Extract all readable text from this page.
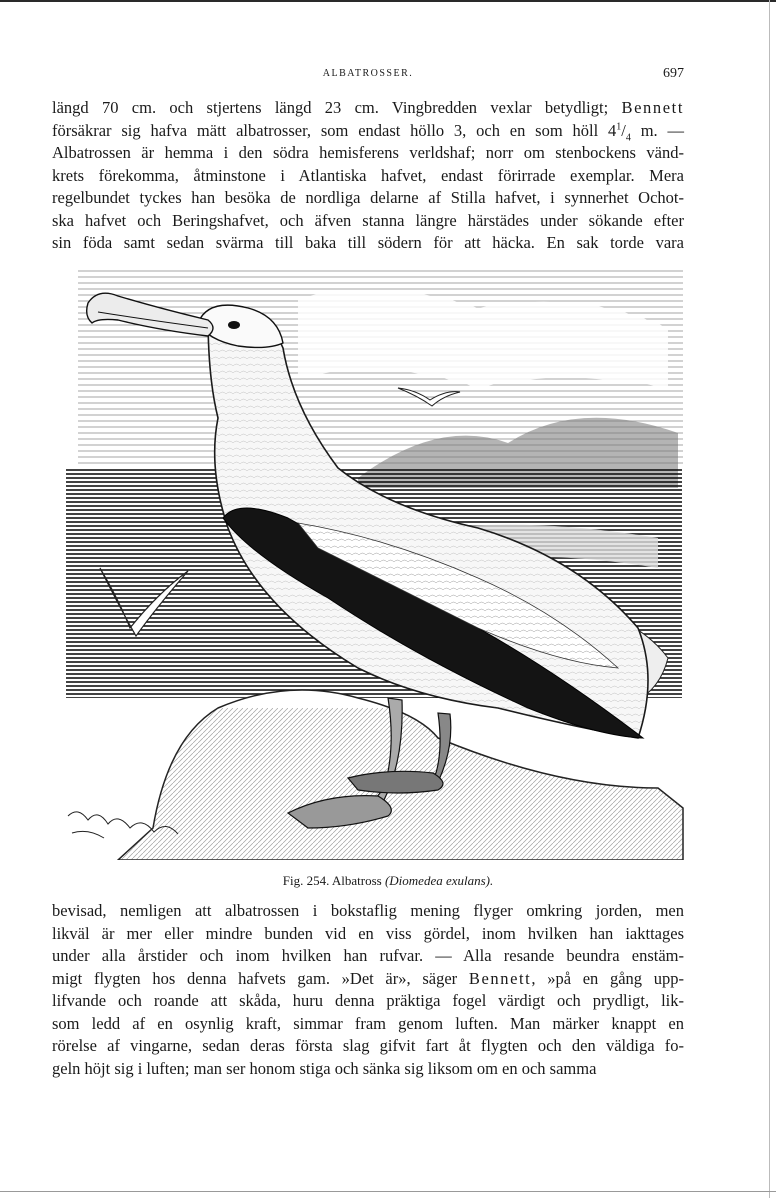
ALBATROSSER.	697

längd 70 cm. och stjertens längd 23 cm. Vingbredden vexlar betydligt; Bennett
försäkrar sig hafva mätt albatrosser, som endast höllo 3, och en som höll $4^1/_4$ m. —
Albatrossen är hemma i den södra hemisferens verldshaf; norr om stenbockens vänd-
krets förekomma, åtminstone i Atlantiska hafvet, endast förirrade exemplar. Mera
regelbundet tyckes han besöka de nordliga delarne af Stilla hafvet, i synnerhet Ochot-
ska hafvet och Beringshafvet, och äfven stanna längre härstädes under sökande efter
sin föda samt sedan svärma till baka till södern för att häcka. En sak torde vara

Fig. 254. Albatross (Diomedea exulans).

bevisad, nemligen att albatrossen i bokstaflig mening flyger omkring jorden, men
likväl är mer eller mindre bunden vid en viss gördel, inom hvilken han iakttages
under alla årstider och inom hvilken han rufvar. — Alla resande beundra enstäm-
migt flygten hos denna hafvets gam. »Det är», säger Bennett, »på en gång upp-
lifvande och roande att skåda, huru denna präktiga fogel värdigt och prydligt, lik-
som ledd af en osynlig kraft, simmar fram genom luften. Man märker knappt en
rörelse af vingarne, sedan deras första slag gifvit fart åt flygten och den väldiga fo-
geln höjt sig i luften; man ser honom stiga och sänka sig liksom om en och samma
